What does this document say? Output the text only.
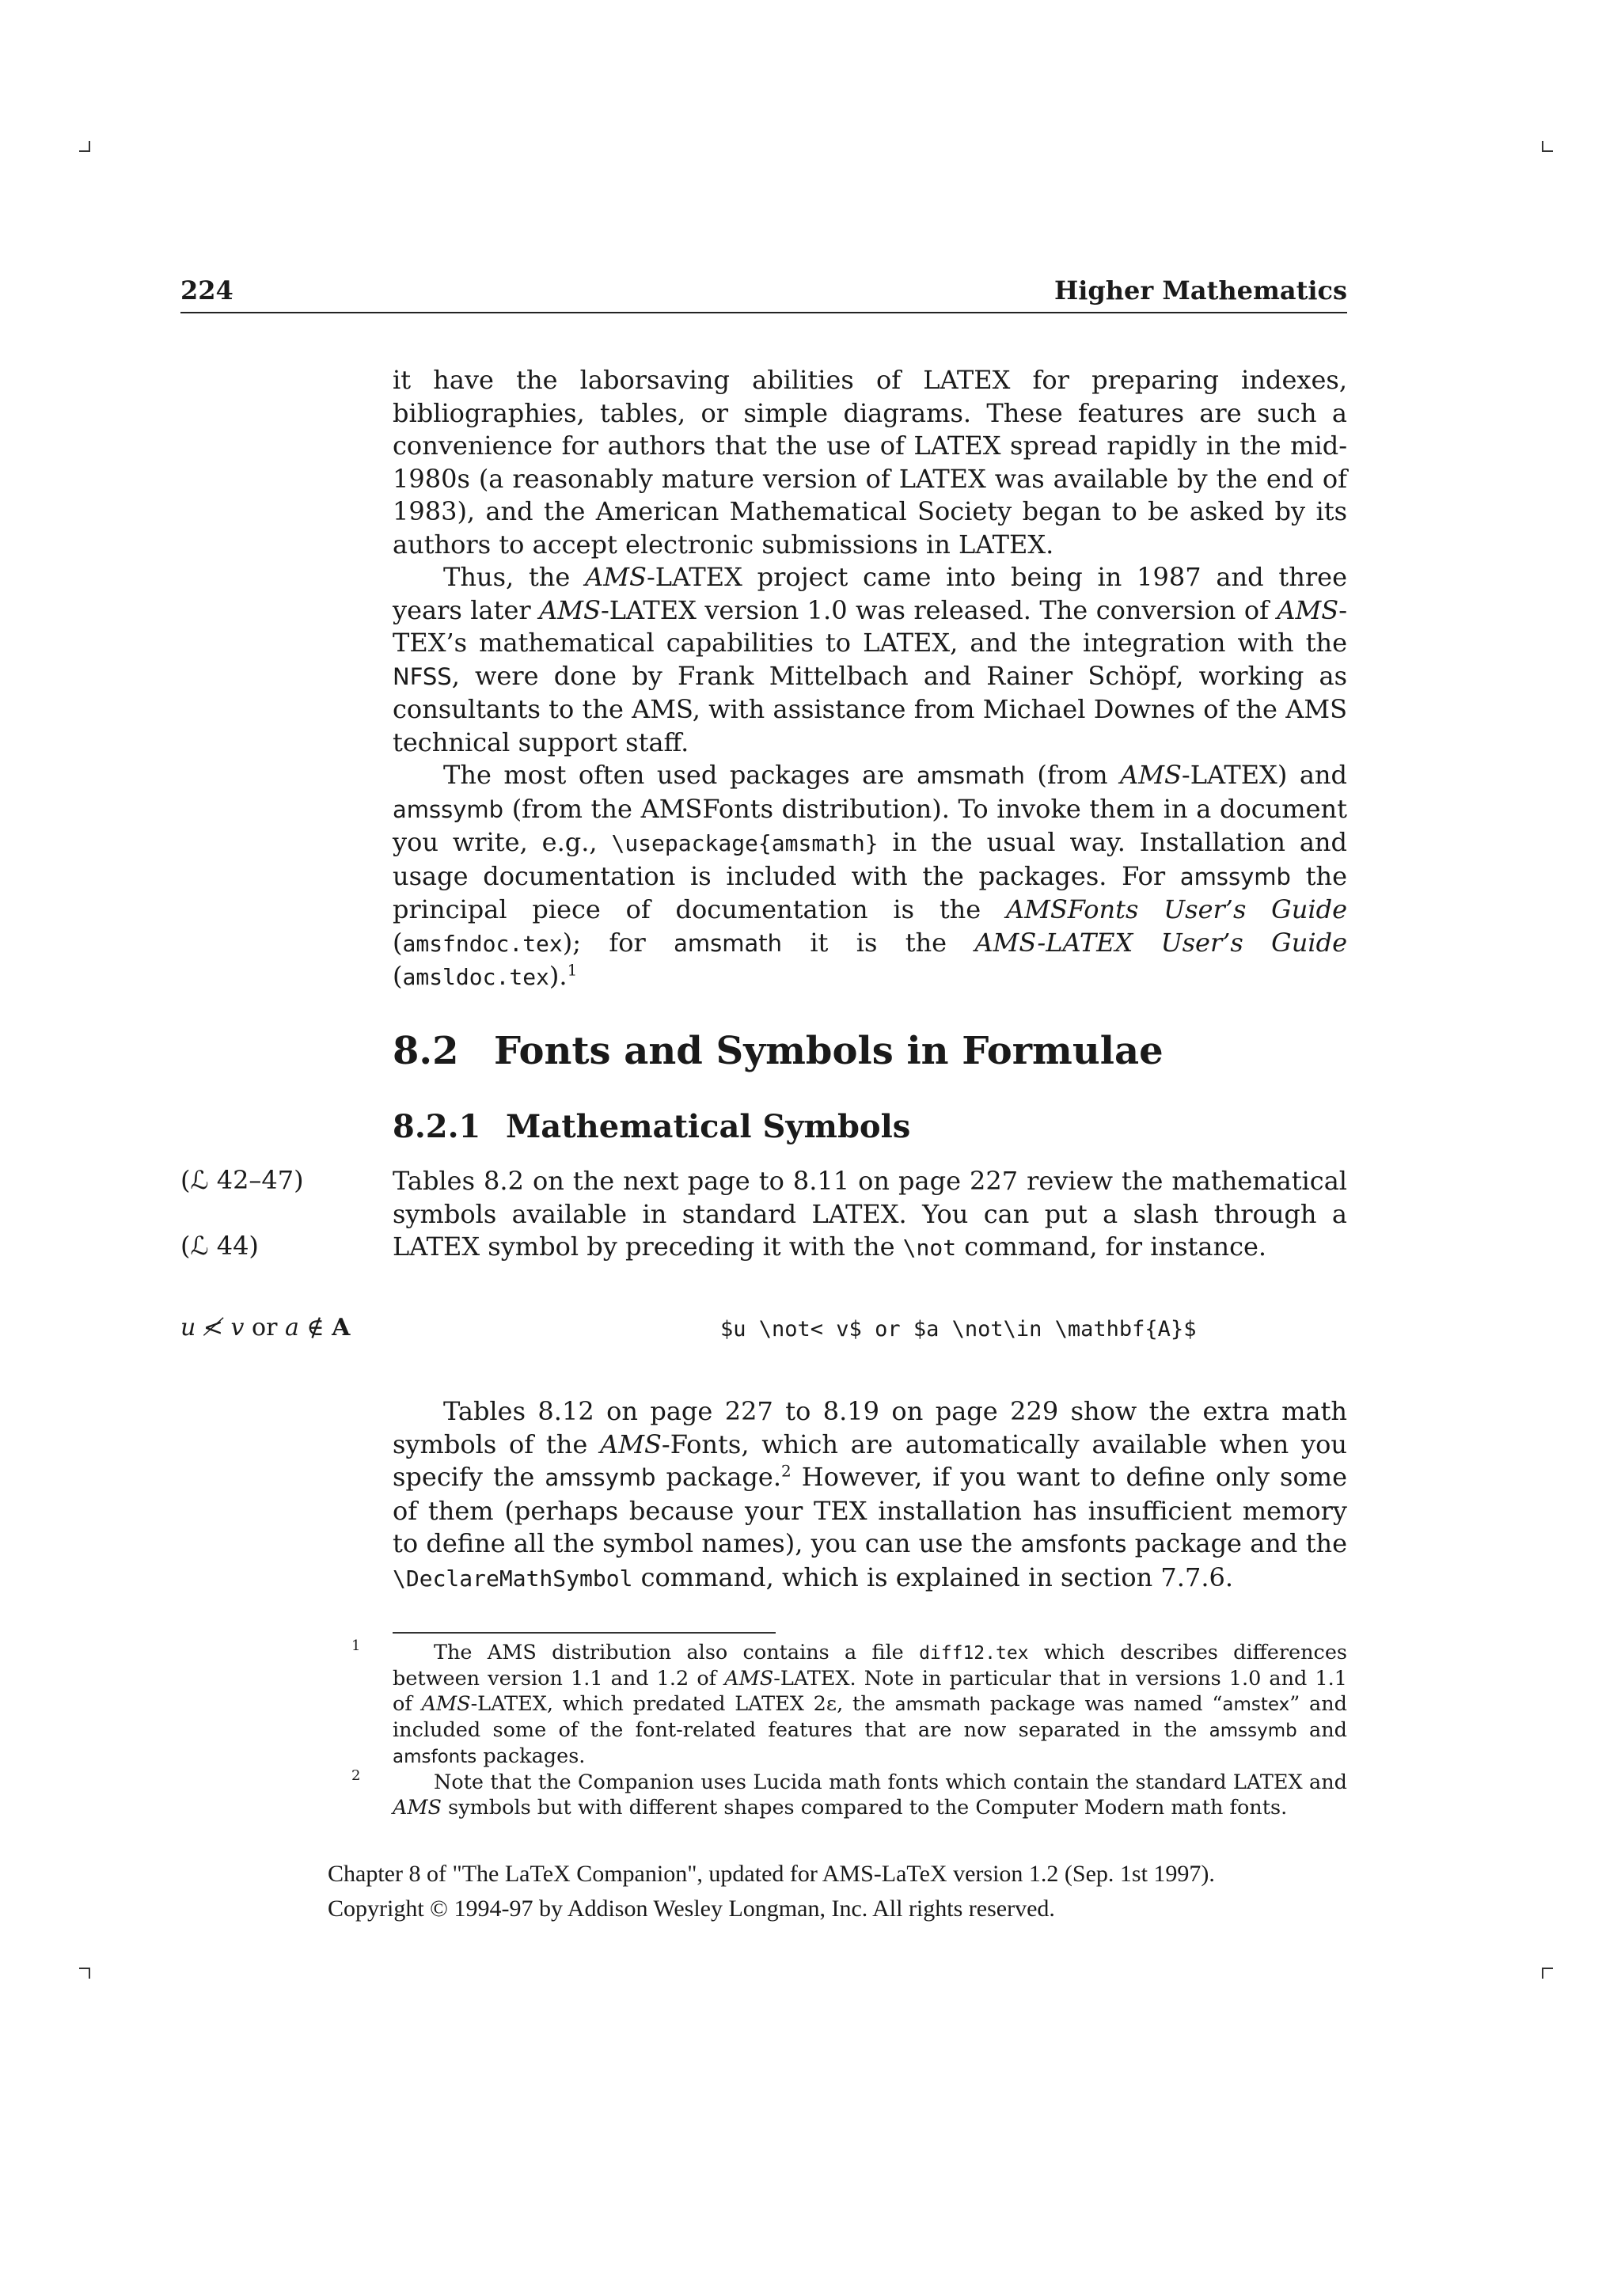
224	Higher Mathematics

it have the laborsaving abilities of LATEX for preparing indexes, bibliographies, tables, or simple diagrams. These features are such a convenience for authors that the use of LATEX spread rapidly in the mid-1980s (a reasonably mature version of LATEX was available by the end of 1983), and the American Mathematical Society began to be asked by its authors to accept electronic submissions in LATEX.

Thus, the AMS-LATEX project came into being in 1987 and three years later AMS-LATEX version 1.0 was released. The conversion of AMS-TEX’s mathematical capabilities to LATEX, and the integration with the NFSS, were done by Frank Mittelbach and Rainer Schöpf, working as consultants to the AMS, with assistance from Michael Downes of the AMS technical support staff.

The most often used packages are amsmath (from AMS-LATEX) and amssymb (from the AMSFonts distribution). To invoke them in a document you write, e.g., \usepackage{amsmath} in the usual way. Installation and usage documentation is included with the packages. For amssymb the principal piece of documentation is the AMSFonts User’s Guide (amsfndoc.tex); for amsmath it is the AMS-LATEX User’s Guide (amsldoc.tex).$^1$

8.2 Fonts and Symbols in Formulae
8.2.1 Mathematical Symbols
(ℒ 42–47)
(ℒ 44)

Tables 8.2 on the next page to 8.11 on page 227 review the mathematical symbols available in standard LATEX. You can put a slash through a LATEX symbol by preceding it with the \not command, for instance.

u ≮ v or a ∉ A	$u \not< v$ or $a \not\in \mathbf{A}$

Tables 8.12 on page 227 to 8.19 on page 229 show the extra math symbols of the AMS-Fonts, which are automatically available when you specify the amssymb package.$^2$ However, if you want to define only some of them (perhaps because your TEX installation has insufficient memory to define all the symbol names), you can use the amsfonts package and the \DeclareMathSymbol command, which is explained in section 7.7.6.

1	The AMS distribution also contains a file diff12.tex which describes differences between version 1.1 and 1.2 of AMS-LATEX. Note in particular that in versions 1.0 and 1.1 of AMS-LATEX, which predated LATEX 2ε, the amsmath package was named “amstex” and included some of the font-related features that are now separated in the amssymb and amsfonts packages.

2	Note that the Companion uses Lucida math fonts which contain the standard LATEX and AMS symbols but with different shapes compared to the Computer Modern math fonts.

Chapter 8 of "The LaTeX Companion", updated for AMS-LaTeX version 1.2 (Sep. 1st 1997).
Copyright © 1994-97 by Addison Wesley Longman, Inc. All rights reserved.
